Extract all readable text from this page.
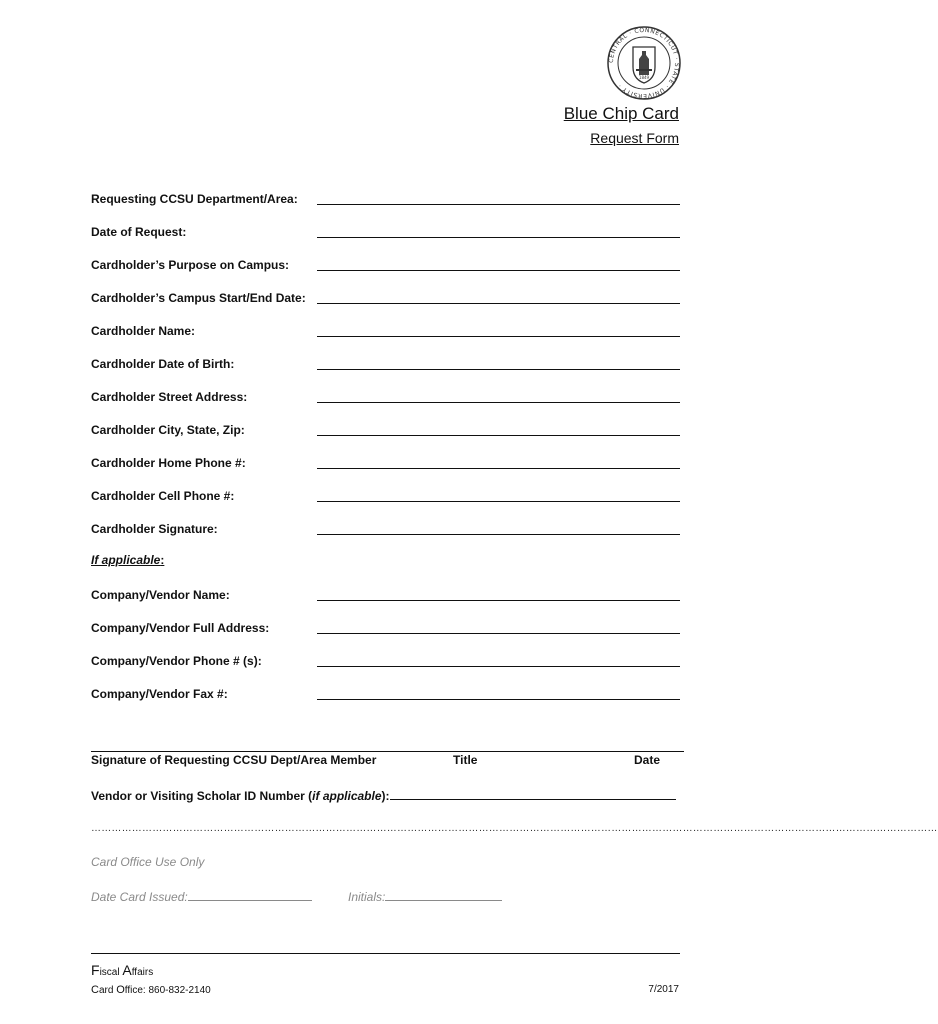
CENTRAL · CONNECTICUT · STATE · UNIVERSITY ·
1849
Blue Chip Card
Request Form
Requesting CCSU Department/Area:
Date of Request:
Cardholder’s Purpose on Campus:
Cardholder’s Campus Start/End Date:
Cardholder Name:
Cardholder Date of Birth:
Cardholder Street Address:
Cardholder City, State, Zip:
Cardholder Home Phone #:
Cardholder Cell Phone #:
Cardholder Signature:
If applicable:
Company/Vendor Name:
Company/Vendor Full Address:
Company/Vendor Phone # (s):
Company/Vendor Fax #:
Signature of Requesting CCSU Dept/Area Member	Title	Date
Vendor or Visiting Scholar ID Number (if applicable):
……………………………………………………………………………………………………………………………………………………………………………………………………………………………
Card Office Use Only
Date Card Issued:	Initials:
Fiscal Affairs
Card Office: 860-832-2140	7/2017
